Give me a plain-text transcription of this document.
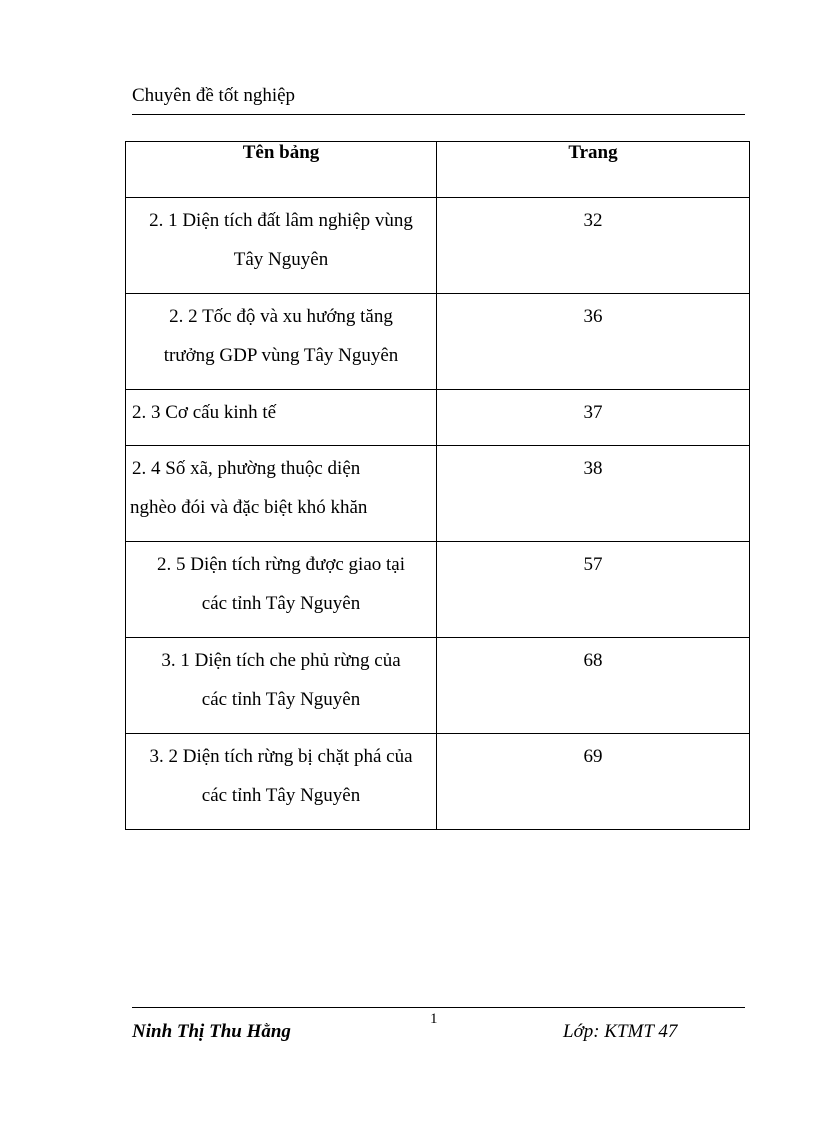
Chuyên đề tốt nghiệp
Tên bảng	Trang

2. 1 Diện tích đất lâm nghiệp vùng
Tây Nguyên	32

2. 2 Tốc độ và xu hướng tăng
trưởng GDP vùng Tây Nguyên	36

2. 3 Cơ cấu kinh tế	37

2. 4 Số xã, phường thuộc diện
nghèo đói và đặc biệt khó khăn	38

2. 5 Diện tích rừng được giao tại
các tỉnh Tây Nguyên	57

3. 1 Diện tích che phủ rừng của
các tỉnh Tây Nguyên	68

3. 2 Diện tích rừng bị chặt phá của
các tỉnh Tây Nguyên	69
Ninh Thị Thu Hằng
1
Lớp: KTMT 47
